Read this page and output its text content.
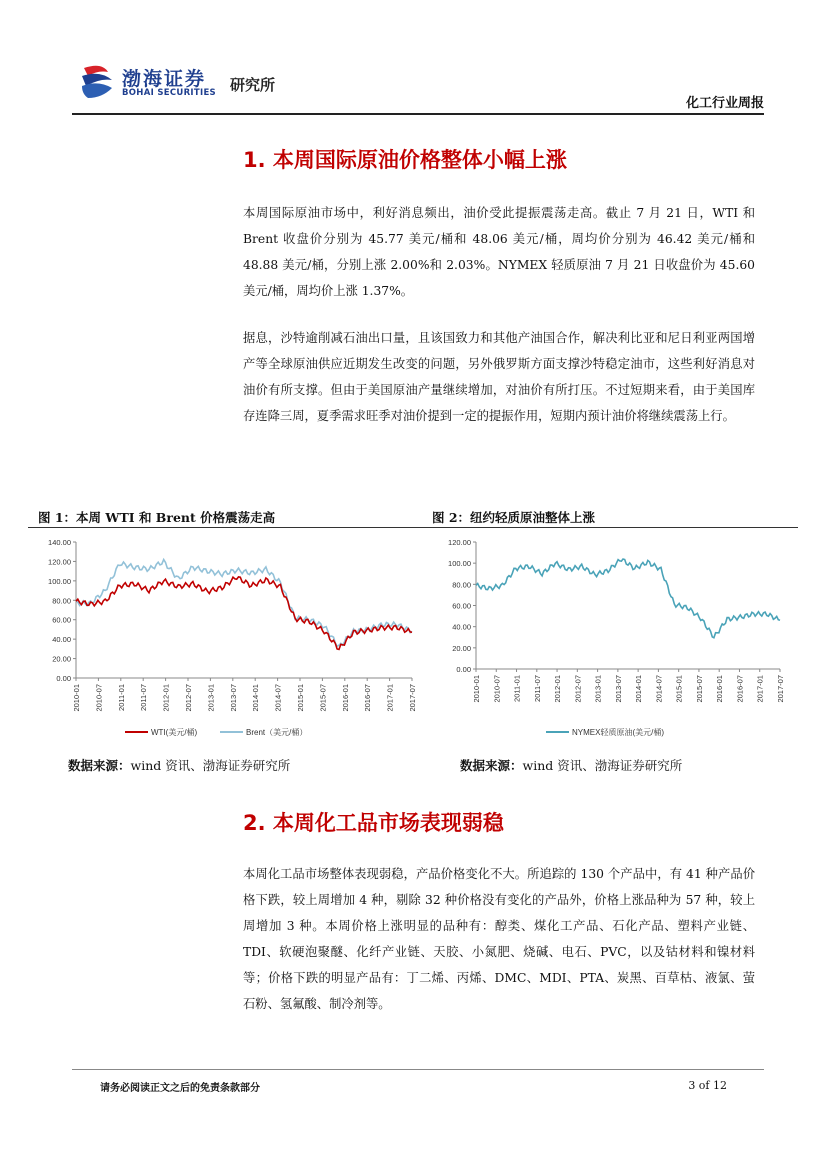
渤海证券
BOHAI SECURITIES 研究所
化工行业周报
1. 本周国际原油价格整体小幅上涨
本周国际原油市场中，利好消息频出，油价受此提振震荡走高。截止 7 月 21 日，WTI 和 Brent 收盘价分别为 45.77 美元/桶和 48.06 美元/桶，周均价分别为 46.42 美元/桶和 48.88 美元/桶，分别上涨 2.00%和 2.03%。NYMEX 轻质原油 7 月 21 日收盘价为 45.60 美元/桶，周均价上涨 1.37%。
据息，沙特逾削减石油出口量，且该国致力和其他产油国合作，解决利比亚和尼日利亚两国增产等全球原油供应近期发生改变的问题，另外俄罗斯方面支撑沙特稳定油市，这些利好消息对油价有所支撑。但由于美国原油产量继续增加，对油价有所打压。不过短期来看，由于美国库存连降三周，夏季需求旺季对油价提到一定的提振作用，短期内预计油价将继续震荡上行。
图 1：本周 WTI 和 Brent 价格震荡走高	图 2：纽约轻质原油整体上涨
0.00
20.00
40.00
60.00
80.00
100.00
120.00
140.00
2010-01 2010-07 2011-01 2011-07 2012-01 2012-07 2013-01 2013-07 2014-01 2014-07 2015-01 2015-07 2016-01 2016-07 2017-01 2017-07
WTI(美元/桶)	Brent（美元/桶）
0.00
20.00
40.00
60.00
80.00
100.00
120.00
2010-01 2010-07 2011-01 2011-07 2012-01 2012-07 2013-01 2013-07 2014-01 2014-07 2015-01 2015-07 2016-01 2016-07 2017-01 2017-07
NYMEX轻质原油(美元/桶)
数据来源：wind 资讯、渤海证券研究所	数据来源：wind 资讯、渤海证券研究所
2. 本周化工品市场表现弱稳
本周化工品市场整体表现弱稳，产品价格变化不大。所追踪的 130 个产品中，有 41 种产品价格下跌，较上周增加 4 种，剔除 32 种价格没有变化的产品外，价格上涨品种为 57 种，较上周增加 3 种。本周价格上涨明显的品种有：醇类、煤化工产品、石化产品、塑料产业链、TDI、软硬泡聚醚、化纤产业链、天胶、小氮肥、烧碱、电石、PVC，以及钴材料和镍材料等；价格下跌的明显产品有：丁二烯、丙烯、DMC、MDI、PTA、炭黑、百草枯、液氯、萤石粉、氢氟酸、制冷剂等。
请务必阅读正文之后的免责条款部分	3 of 12
